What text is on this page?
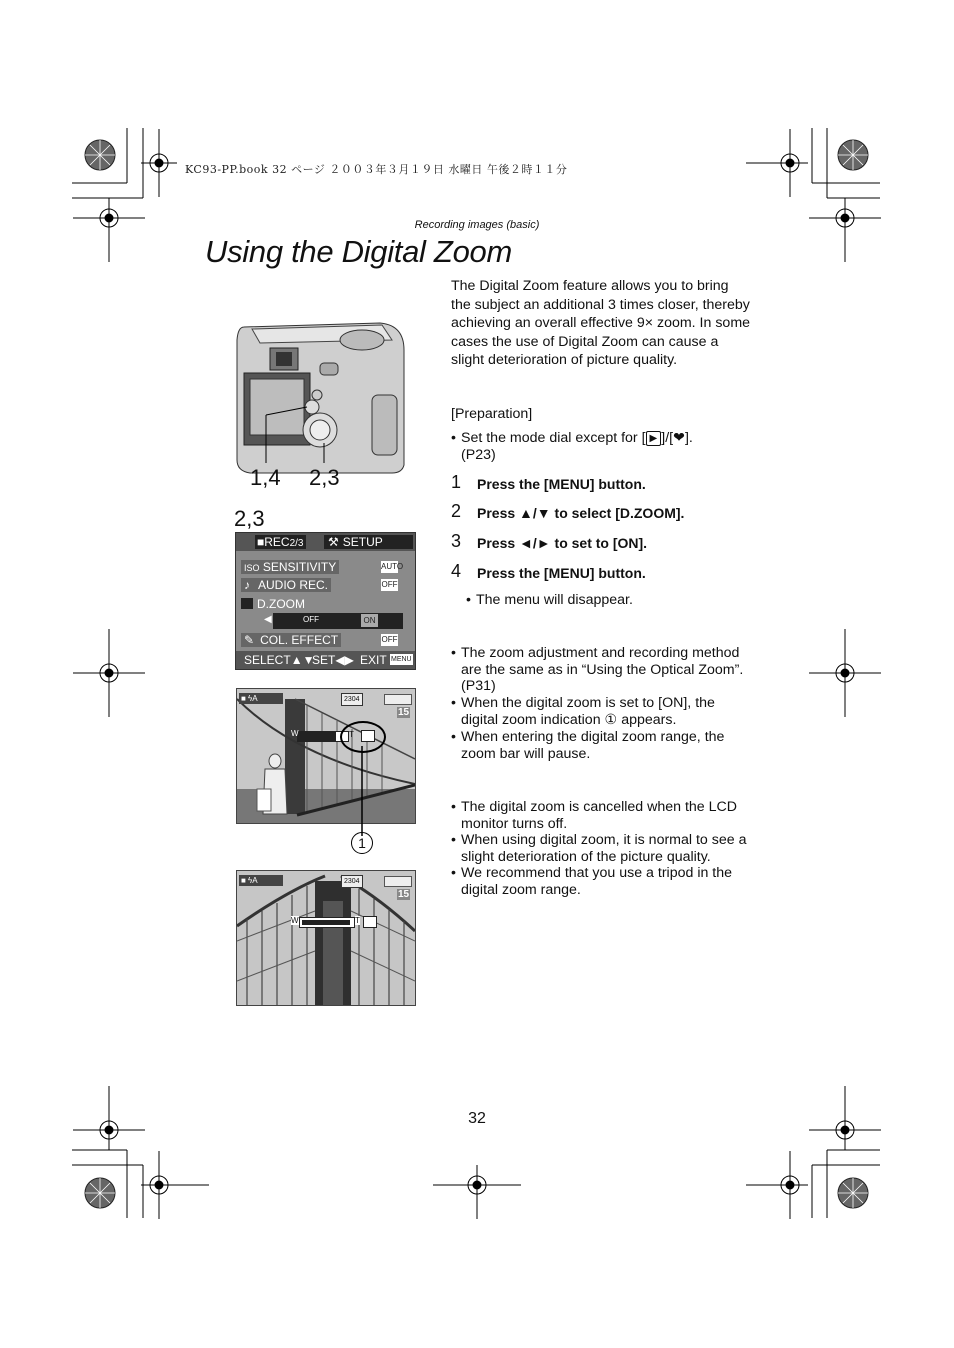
KC93-PP.book 32 ページ ２００３年３月１９日 水曜日 午後２時１１分
Recording images (basic)
Using the Digital Zoom
1,4 2,3
2,3
■REC2/3	⚒ SETUP
ISO SENSITIVITY	AUTO
♪ AUDIO REC.	OFF
D.ZOOM
◀	OFF	ON
✎ COL. EFFECT	OFF
SELECT▲▼
SET◀▶ EXIT MENU
■ ϟA	2304
15
W	T
1
■ ϟA	2304
15
W	T
The Digital Zoom feature allows you to bring the subject an additional 3 times closer, thereby achieving an overall effective 9× zoom. In some cases the use of Digital Zoom can cause a slight deterioration of picture quality.
[Preparation]
• Set the mode dial except for [ ▶ ]/[❤].
(P23)
1 Press the [MENU] button.
2 Press ▲/▼ to select [D.ZOOM].
3 Press ◄/► to set to [ON].
4 Press the [MENU] button.
• The menu will disappear.
• The zoom adjustment and recording method are the same as in “Using the Optical Zoom”. (P31)
• When the digital zoom is set to [ON], the digital zoom indication ① appears.
• When entering the digital zoom range, the zoom bar will pause.
• The digital zoom is cancelled when the LCD monitor turns off.
• When using digital zoom, it is normal to see a slight deterioration of the picture quality.
• We recommend that you use a tripod in the digital zoom range.
32
